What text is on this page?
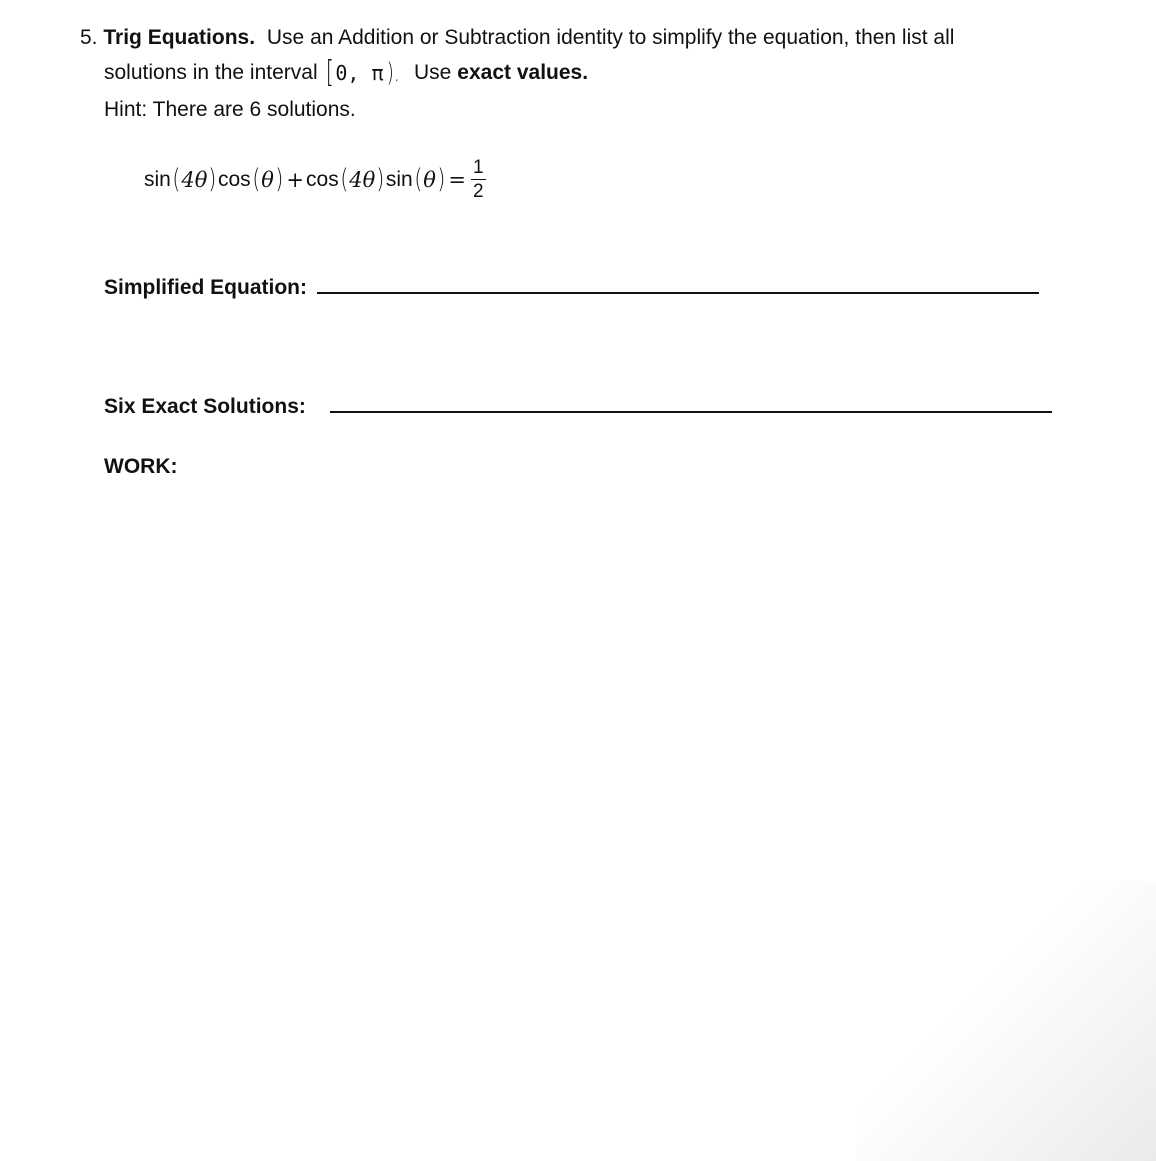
5. Trig Equations. Use an Addition or Subtraction identity to simplify the equation, then list all
solutions in the interval [ 0, π ). Use exact values.
Hint: There are 6 solutions.
sin ( 4θ ) cos ( θ ) + cos ( 4θ ) sin ( θ ) = $\frac{1}{2}$
Simplified Equation:
Six Exact Solutions:
WORK:
